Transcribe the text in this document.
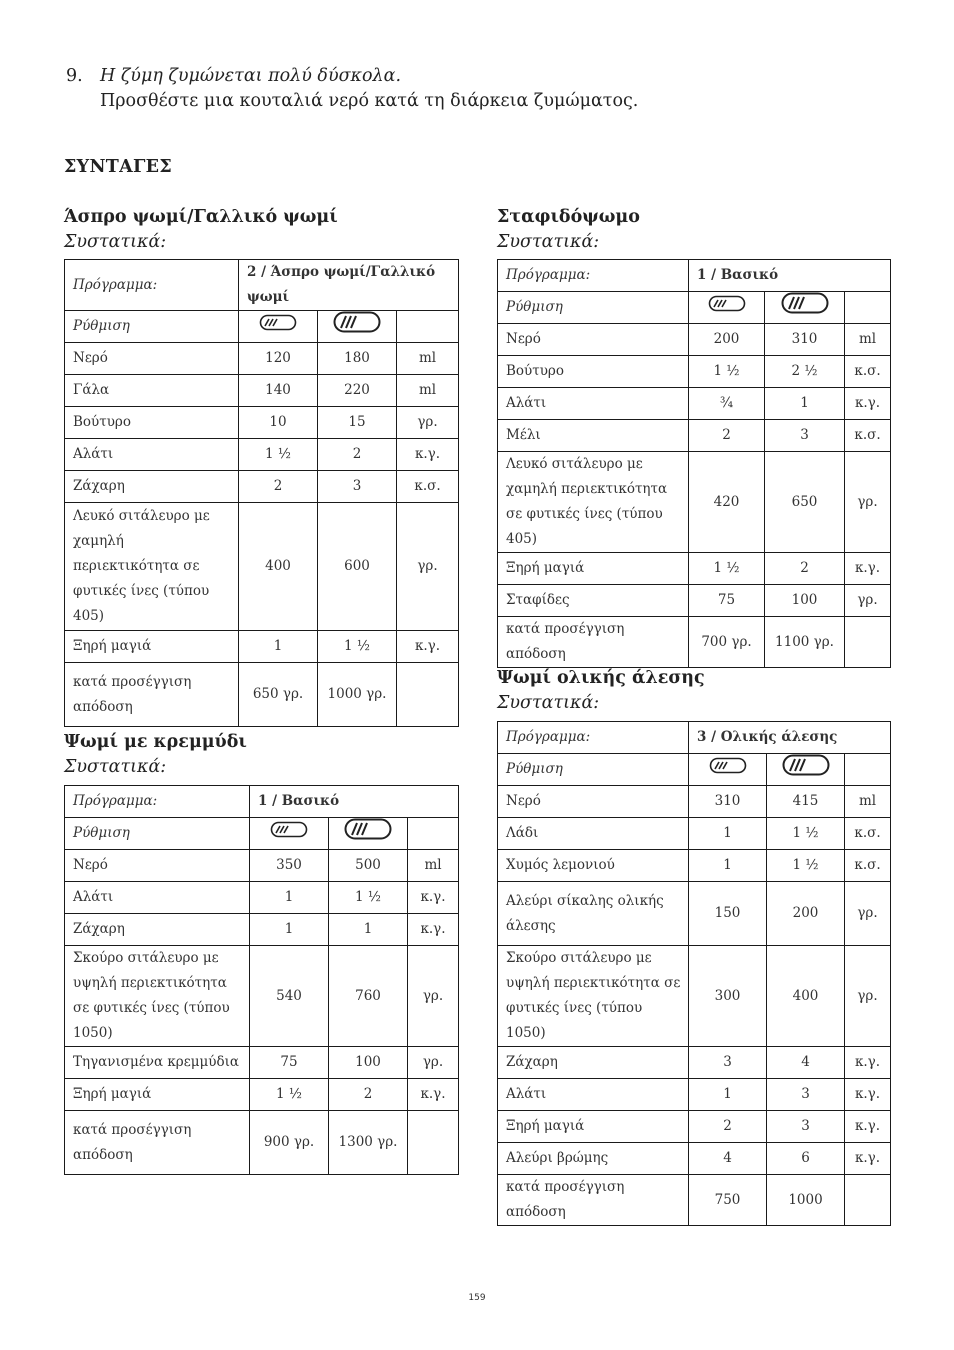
9. Η ζύμη ζυμώνεται πολύ δύσκολα.
Προσθέστε μια κουταλιά νερό κατά τη διάρκεια ζυμώματος.
ΣΥΝΤΑΓΕΣ
Άσπρο ψωμί/Γαλλικό ψωμί
Συστατικά:
Πρόγραμμα:	2 / Άσπρο ψωμί/Γαλλικό ψωμί		
Ρύθμιση			
Νερό	120	180	ml
Γάλα	140	220	ml
Βούτυρο	10	15	γρ.
Αλάτι	1 ½	2	κ.γ.
Ζάχαρη	2	3	κ.σ.
Λευκό σιτάλευρο με χαμηλή περιεκτικότητα σε φυτικές ίνες (τύπου 405)	400	600	γρ.
Ξηρή μαγιά	1	1 ½	κ.γ.
κατά προσέγγιση απόδοση	650 γρ.	1000 γρ.	
Ψωμί με κρεμμύδι
Συστατικά:
Πρόγραμμα:	1 / Βασικό		
Ρύθμιση			
Νερό	350	500	ml
Αλάτι	1	1 ½	κ.γ.
Ζάχαρη	1	1	κ.γ.
Σκούρο σιτάλευρο με υψηλή περιεκτικότητα σε φυτικές ίνες (τύπου 1050)	540	760	γρ.
Τηγανισμένα κρεμμύδια	75	100	γρ.
Ξηρή μαγιά	1 ½	2	κ.γ.
κατά προσέγγιση απόδοση	900 γρ.	1300 γρ.	
Σταφιδόψωμο
Συστατικά:
Πρόγραμμα:	1 / Βασικό		
Ρύθμιση			
Νερό	200	310	ml
Βούτυρο	1 ½	2 ½	κ.σ.
Αλάτι	¾	1	κ.γ.
Μέλι	2	3	κ.σ.
Λευκό σιτάλευρο με χαμηλή περιεκτικότητα σε φυτικές ίνες (τύπου 405)	420	650	γρ.
Ξηρή μαγιά	1 ½	2	κ.γ.
Σταφίδες	75	100	γρ.
κατά προσέγγιση απόδοση	700 γρ.	1100 γρ.	
Ψωμί ολικής άλεσης
Συστατικά:
Πρόγραμμα:	3 / Ολικής άλεσης		
Ρύθμιση			
Νερό	310	415	ml
Λάδι	1	1 ½	κ.σ.
Χυμός λεμονιού	1	1 ½	κ.σ.
Αλεύρι σίκαλης ολικής άλεσης	150	200	γρ.
Σκούρο σιτάλευρο με υψηλή περιεκτικότητα σε φυτικές ίνες (τύπου 1050)	300	400	γρ.
Ζάχαρη	3	4	κ.γ.
Αλάτι	1	3	κ.γ.
Ξηρή μαγιά	2	3	κ.γ.
Αλεύρι βρώμης	4	6	κ.γ.
κατά προσέγγιση απόδοση	750	1000	
159
